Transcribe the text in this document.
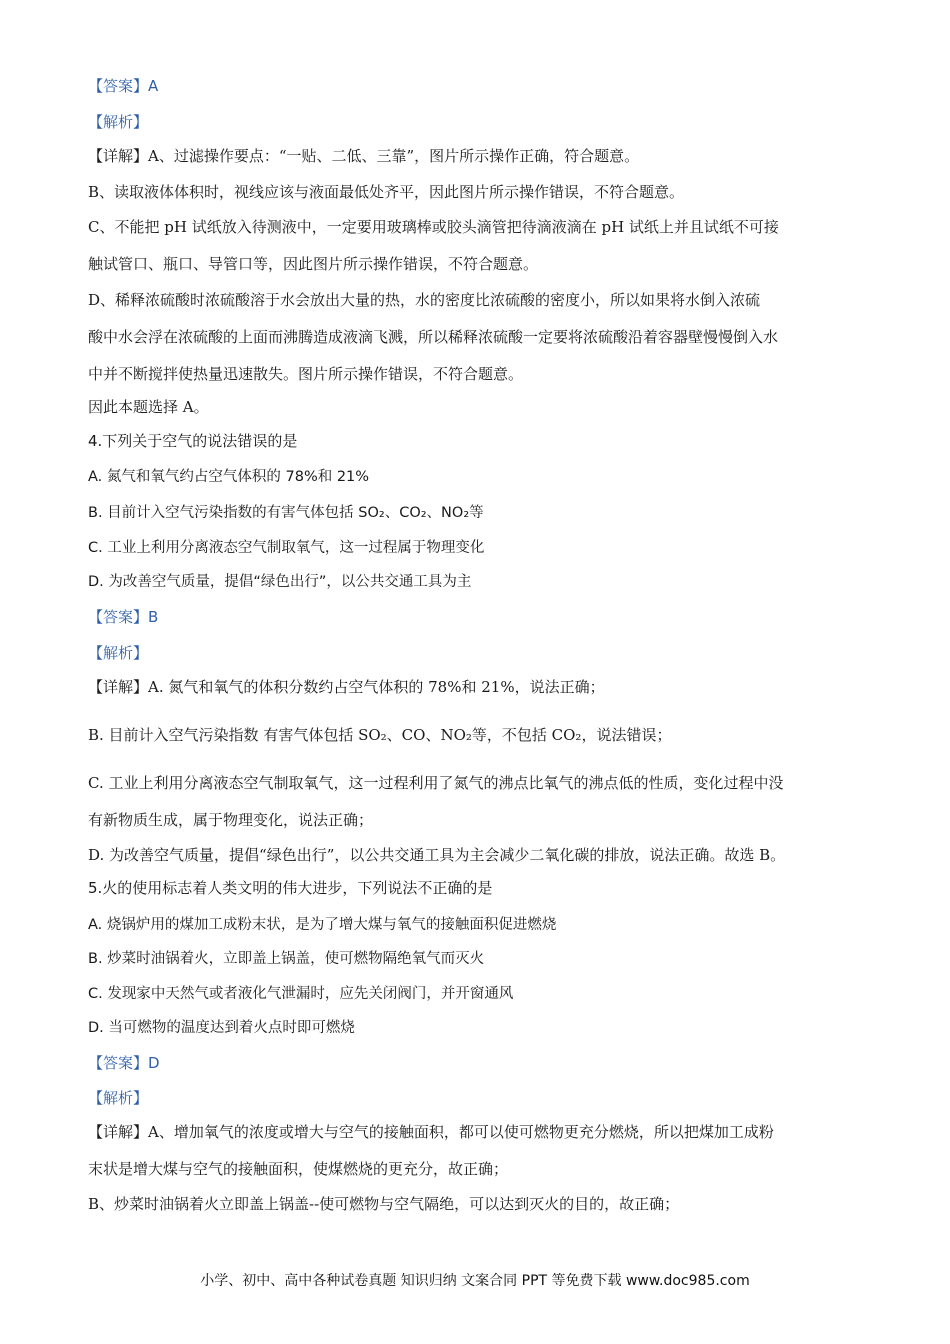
【答案】A
【解析】
【详解】A、过滤操作要点：“一贴、二低、三靠”，图片所示操作正确，符合题意。
B、读取液体体积时，视线应该与液面最低处齐平，因此图片所示操作错误，不符合题意。
C、不能把 pH 试纸放入待测液中，一定要用玻璃棒或胶头滴管把待滴液滴在 pH 试纸上并且试纸不可接
触试管口、瓶口、导管口等，因此图片所示操作错误，不符合题意。
D、稀释浓硫酸时浓硫酸溶于水会放出大量的热，水的密度比浓硫酸的密度小，所以如果将水倒入浓硫
酸中水会浮在浓硫酸的上面而沸腾造成液滴飞溅，所以稀释浓硫酸一定要将浓硫酸沿着容器壁慢慢倒入水
中并不断搅拌使热量迅速散失。图片所示操作错误，不符合题意。
因此本题选择 A。
4.下列关于空气的说法错误的是
A. 氮气和氧气约占空气体积的 78%和 21%
B. 目前计入空气污染指数的有害气体包括 SO₂、CO₂、NO₂等
C. 工业上利用分离液态空气制取氧气，这一过程属于物理变化
D. 为改善空气质量，提倡“绿色出行”，以公共交通工具为主
【答案】B
【解析】
【详解】A. 氮气和氧气的体积分数约占空气体积的 78%和 21%，说法正确；
B. 目前计入空气污染指数 有害气体包括 SO₂、CO、NO₂等，不包括 CO₂，说法错误；
C. 工业上利用分离液态空气制取氧气，这一过程利用了氮气的沸点比氧气的沸点低的性质，变化过程中没
有新物质生成，属于物理变化，说法正确；
D. 为改善空气质量，提倡“绿色出行”，以公共交通工具为主会减少二氧化碳的排放，说法正确。故选 B。
5.火的使用标志着人类文明的伟大进步，下列说法不正确的是
A. 烧锅炉用的煤加工成粉末状，是为了增大煤与氧气的接触面积促进燃烧
B. 炒菜时油锅着火，立即盖上锅盖，使可燃物隔绝氧气而灭火
C. 发现家中天然气或者液化气泄漏时，应先关闭阀门，并开窗通风
D. 当可燃物的温度达到着火点时即可燃烧
【答案】D
【解析】
【详解】A、增加氧气的浓度或增大与空气的接触面积，都可以使可燃物更充分燃烧，所以把煤加工成粉
末状是增大煤与空气的接触面积，使煤燃烧的更充分，故正确；
B、炒菜时油锅着火立即盖上锅盖--使可燃物与空气隔绝，可以达到灭火的目的，故正确；
小学、初中、高中各种试卷真题 知识归纳 文案合同 PPT 等免费下载 www.doc985.com
